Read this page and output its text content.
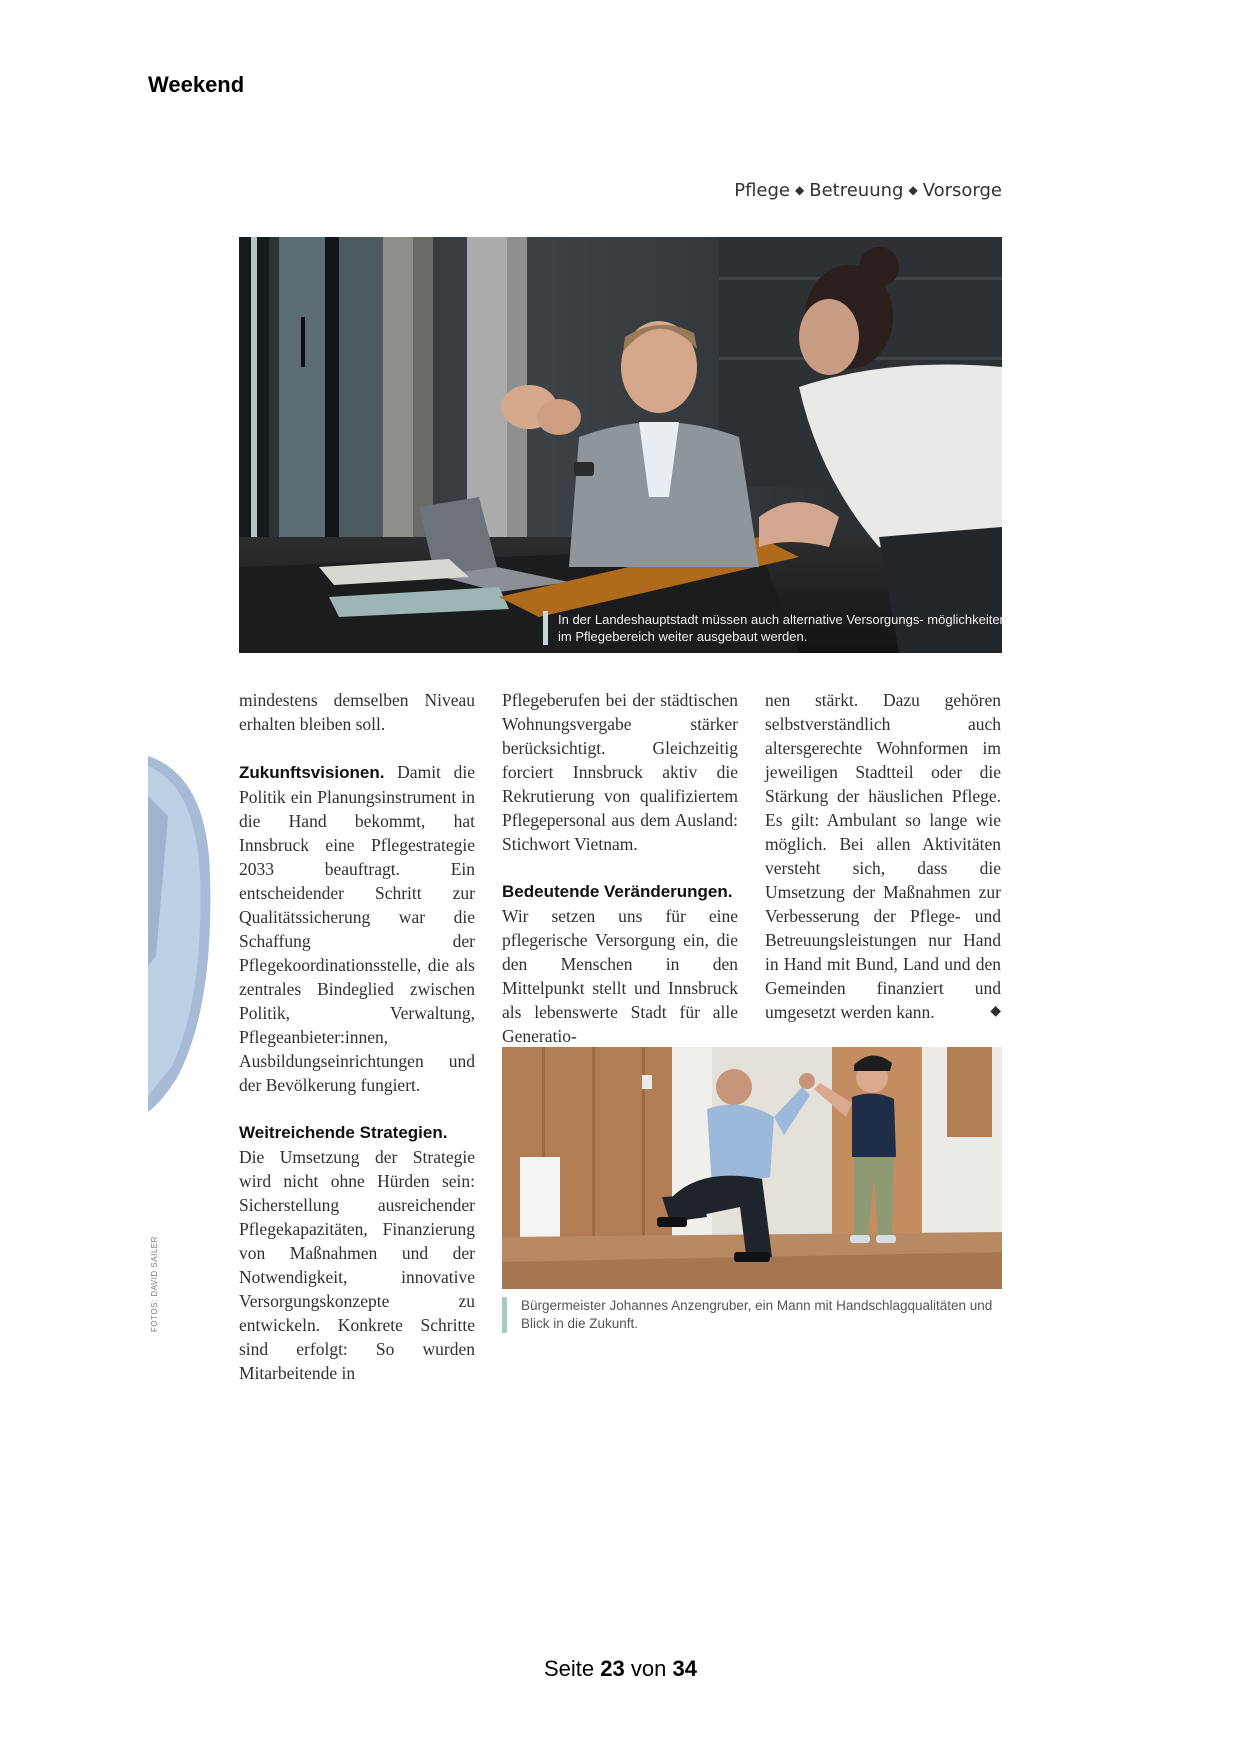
Weekend
Pflege ◆ Betreuung ◆ Vorsorge
In der Landeshauptstadt müssen auch alternative Versorgungs- möglichkeiten im Pflegebereich weiter ausgebaut werden.
FOTOS: DAVID SAILER

mindestens demselben Niveau erhalten bleiben soll.

Zukunftsvisionen. Damit die Politik ein Planungsinstrument in die Hand bekommt, hat Innsbruck eine Pflegestrategie 2033 beauftragt. Ein entscheidender Schritt zur Qualitätssicherung war die Schaffung der Pflegekoordinationsstelle, die als zentrales Bindeglied zwischen Politik, Verwaltung, Pflegeanbieter:innen, Ausbildungseinrichtungen und der Bevölkerung fungiert.

Weitreichende Strategien.

Die Umsetzung der Strategie wird nicht ohne Hürden sein: Sicherstellung ausreichender Pflegekapazitäten, Finanzierung von Maßnahmen und der Notwendigkeit, innovative Versorgungskonzepte zu entwickeln. Konkrete Schritte sind erfolgt: So wurden Mitarbeitende in

Pflegeberufen bei der städtischen Wohnungsvergabe stärker berücksichtigt. Gleichzeitig forciert Innsbruck aktiv die Rekrutierung von qualifiziertem Pflegepersonal aus dem Ausland: Stichwort Vietnam.

Bedeutende Veränderungen.

Wir setzen uns für eine pflegerische Versorgung ein, die den Menschen in den Mittelpunkt stellt und Innsbruck als lebenswerte Stadt für alle Generatio-

nen stärkt. Dazu gehören selbstverständlich auch altersgerechte Wohnformen im jeweiligen Stadtteil oder die Stärkung der häuslichen Pflege. Es gilt: Ambulant so lange wie möglich. Bei allen Aktivitäten versteht sich, dass die Umsetzung der Maßnahmen zur Verbesserung der Pflege- und Betreuungsleistungen nur Hand in Hand mit Bund, Land und den Gemeinden finanziert und umgesetzt werden kann.	◆

Bürgermeister Johannes Anzengruber, ein Mann mit Handschlagqualitäten und Blick in die Zukunft.
Seite 23 von 34
